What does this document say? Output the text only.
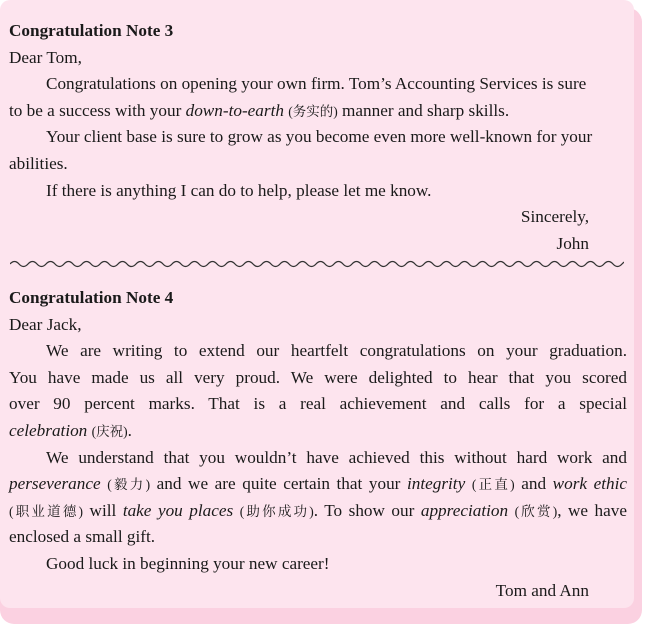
Congratulation Note 3
Dear Tom,
Congratulations on opening your own firm. Tom’s Accounting Services is sure
to be a success with your down-to-earth (务实的) manner and sharp skills.
Your client base is sure to grow as you become even more well-known for your
abilities.
If there is anything I can do to help, please let me know.
Sincerely,
John
Congratulation Note 4
Dear Jack,
We are writing to extend our heartfelt congratulations on your graduation.
You have made us all very proud. We were delighted to hear that you scored
over 90 percent marks. That is a real achievement and calls for a special
celebration (庆祝).
We understand that you wouldn’t have achieved this without hard work and
perseverance (毅力) and we are quite certain that your integrity (正直) and work ethic
(职业道德) will take you places (助你成功). To show our appreciation (欣赏), we have
enclosed a small gift.
Good luck in beginning your new career!
Tom and Ann
